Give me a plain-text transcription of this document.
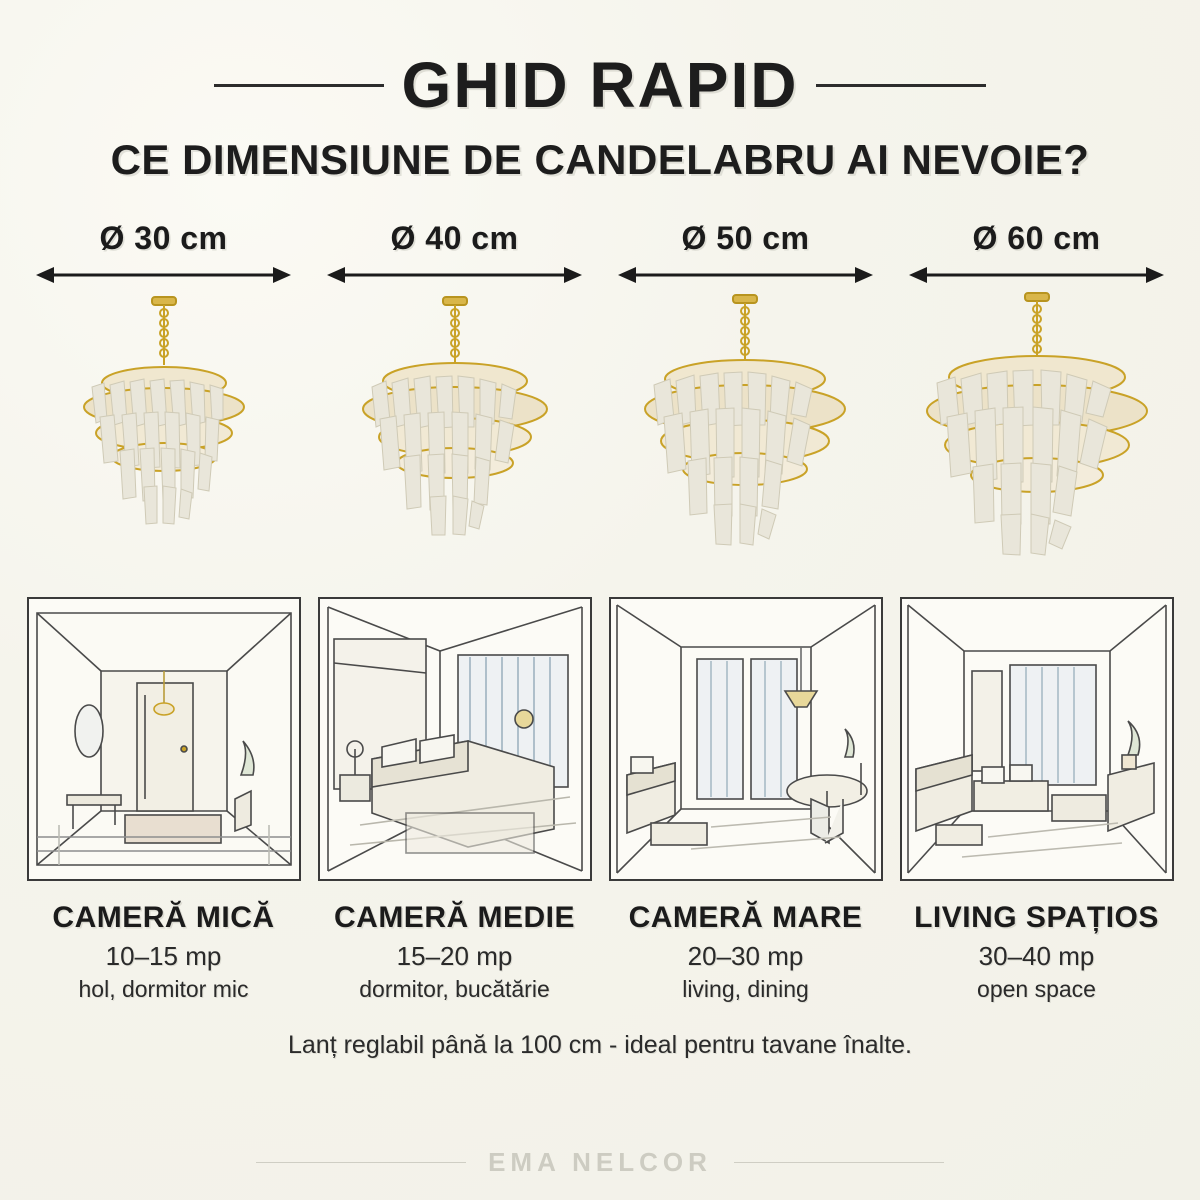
GHID RAPID
CE DIMENSIUNE DE CANDELABRU AI NEVOIE?
Ø 30 cm
CAMERĂ MICĂ
10–15 mp
hol, dormitor mic
Ø 40 cm
CAMERĂ MEDIE
15–20 mp
dormitor, bucătărie
Ø 50 cm
CAMERĂ MARE
20–30 mp
living, dining
Ø 60 cm
LIVING SPAȚIOS
30–40 mp
open space
Lanț reglabil până la 100 cm - ideal pentru tavane înalte.
EMA NELCOR
